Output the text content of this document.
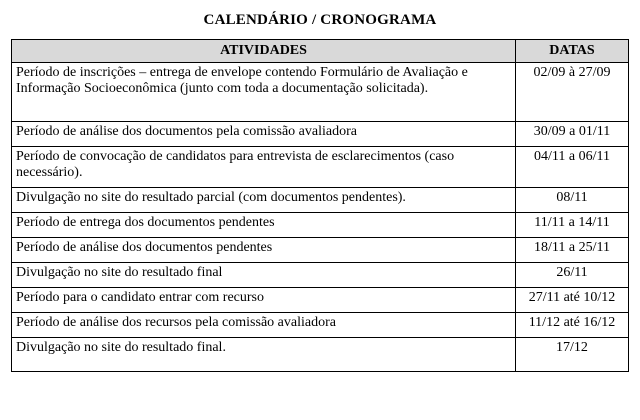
CALENDÁRIO / CRONOGRAMA
ATIVIDADES	DATAS
Período de inscrições – entrega de envelope contendo Formulário de Avaliação e Informação Socioeconômica (junto com toda a documentação solicitada).	02/09 à 27/09
Período de análise dos documentos pela comissão avaliadora	30/09 a 01/11
Período de convocação de candidatos para entrevista de esclarecimentos (caso necessário).	04/11 a 06/11
Divulgação no site do resultado parcial (com documentos pendentes).	08/11
Período de entrega dos documentos pendentes	11/11 a 14/11
Período de análise dos documentos pendentes	18/11 a 25/11
Divulgação no site do resultado final	26/11
Período para o candidato entrar com recurso	27/11 até 10/12
Período de análise dos recursos pela comissão avaliadora	11/12 até 16/12
Divulgação no site do resultado final.	17/12
